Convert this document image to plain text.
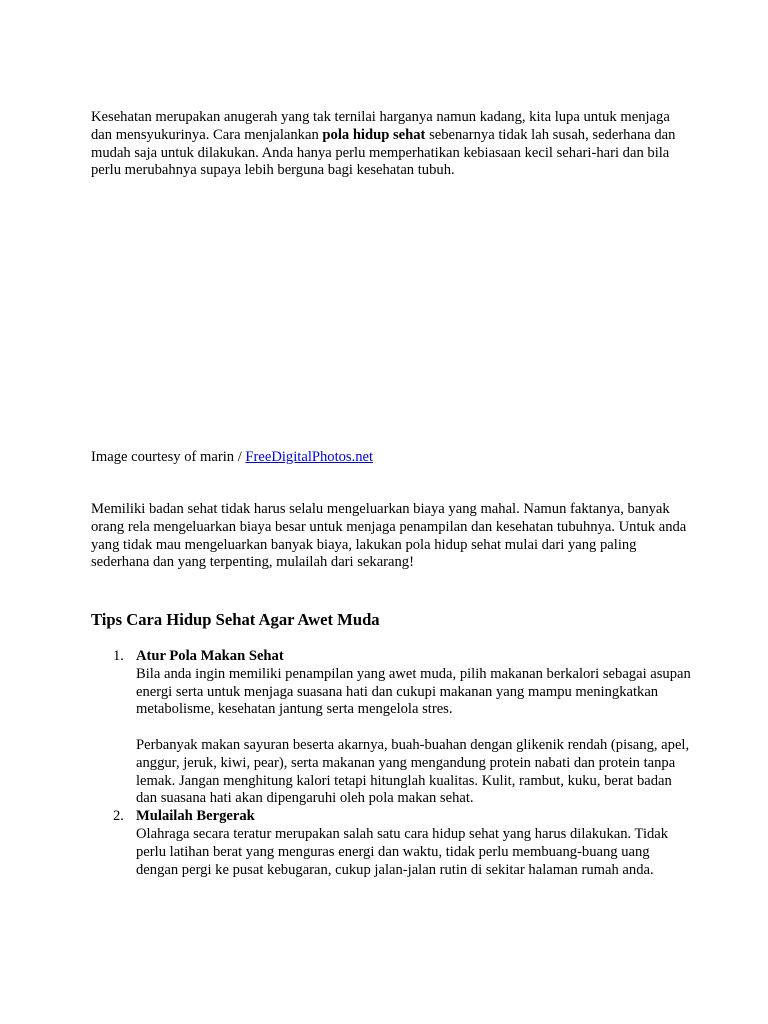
Kesehatan merupakan anugerah yang tak ternilai harganya namun kadang, kita lupa untuk menjaga dan mensyukurinya. Cara menjalankan pola hidup sehat sebenarnya tidak lah susah, sederhana dan mudah saja untuk dilakukan. Anda hanya perlu memperhatikan kebiasaan kecil sehari-hari dan bila perlu merubahnya supaya lebih berguna bagi kesehatan tubuh.

Image courtesy of marin / FreeDigitalPhotos.net

Memiliki badan sehat tidak harus selalu mengeluarkan biaya yang mahal. Namun faktanya, banyak orang rela mengeluarkan biaya besar untuk menjaga penampilan dan kesehatan tubuhnya. Untuk anda yang tidak mau mengeluarkan banyak biaya, lakukan pola hidup sehat mulai dari yang paling sederhana dan yang terpenting, mulailah dari sekarang!

Tips Cara Hidup Sehat Agar Awet Muda
1. Atur Pola Makan Sehat

Bila anda ingin memiliki penampilan yang awet muda, pilih makanan berkalori sebagai asupan energi serta untuk menjaga suasana hati dan cukupi makanan yang mampu meningkatkan metabolisme, kesehatan jantung serta mengelola stres.

Perbanyak makan sayuran beserta akarnya, buah-buahan dengan glikenik rendah (pisang, apel, anggur, jeruk, kiwi, pear), serta makanan yang mengandung protein nabati dan protein tanpa lemak. Jangan menghitung kalori tetapi hitunglah kualitas. Kulit, rambut, kuku, berat badan dan suasana hati akan dipengaruhi oleh pola makan sehat.

2. Mulailah Bergerak

Olahraga secara teratur merupakan salah satu cara hidup sehat yang harus dilakukan. Tidak perlu latihan berat yang menguras energi dan waktu, tidak perlu membuang-buang uang dengan pergi ke pusat kebugaran, cukup jalan-jalan rutin di sekitar halaman rumah anda.
